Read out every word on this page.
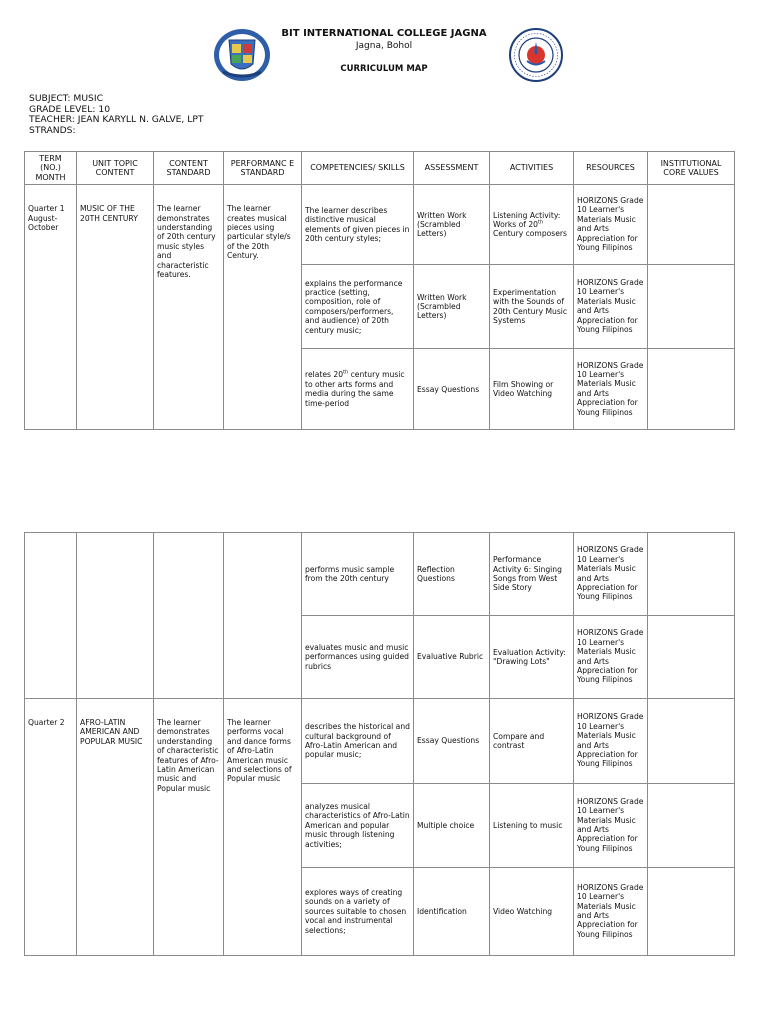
BIT INTERNATIONAL COLLEGE JAGNA
Jagna, Bohol
CURRICULUM MAP
SUBJECT: MUSIC
GRADE LEVEL: 10
TEACHER: JEAN KARYLL N. GALVE, LPT
STRANDS:
TERM (NO.) MONTH	UNIT TOPIC CONTENT	CONTENT STANDARD	PERFORMANC E STANDARD	COMPETENCIES/ SKILLS	ASSESSMENT	ACTIVITIES	RESOURCES	INSTITUTIONAL CORE VALUES
Quarter 1 August-October	MUSIC OF THE 20TH CENTURY	The learner demonstrates understanding of 20th century music styles and characteristic features.	The learner creates musical pieces using particular style/s of the 20th Century.	The learner describes distinctive musical elements of given pieces in 20th century styles;	Written Work (Scrambled Letters)	Listening Activity: Works of 20th Century composers	HORIZONS Grade 10 Learner's Materials Music and Arts Appreciation for Young Filipinos	
				explains the performance practice (setting, composition, role of composers/performers, and audience) of 20th century music;	Written Work (Scrambled Letters)	Experimentation with the Sounds of 20th Century Music Systems	HORIZONS Grade 10 Learner's Materials Music and Arts Appreciation for Young Filipinos	
				relates 20th century music to other arts forms and media during the same time-period	Essay Questions	Film Showing or Video Watching	HORIZONS Grade 10 Learner's Materials Music and Arts Appreciation for Young Filipinos	
				performs music sample from the 20th century	Reflection Questions	Performance Activity 6: Singing Songs from West Side Story	HORIZONS Grade 10 Learner's Materials Music and Arts Appreciation for Young Filipinos	
				evaluates music and music performances using guided rubrics	Evaluative Rubric	Evaluation Activity: "Drawing Lots"	HORIZONS Grade 10 Learner's Materials Music and Arts Appreciation for Young Filipinos	
Quarter 2	AFRO-LATIN AMERICAN AND POPULAR MUSIC	The learner demonstrates understanding of characteristic features of Afro-Latin American music and Popular music	The learner performs vocal and dance forms of Afro-Latin American music and selections of Popular music	describes the historical and cultural background of Afro-Latin American and popular music;	Essay Questions	Compare and contrast	HORIZONS Grade 10 Learner's Materials Music and Arts Appreciation for Young Filipinos	
				analyzes musical characteristics of Afro-Latin American and popular music through listening activities;	Multiple choice	Listening to music	HORIZONS Grade 10 Learner's Materials Music and Arts Appreciation for Young Filipinos	
				explores ways of creating sounds on a variety of sources suitable to chosen vocal and instrumental selections;	Identification	Video Watching	HORIZONS Grade 10 Learner's Materials Music and Arts Appreciation for Young Filipinos	
